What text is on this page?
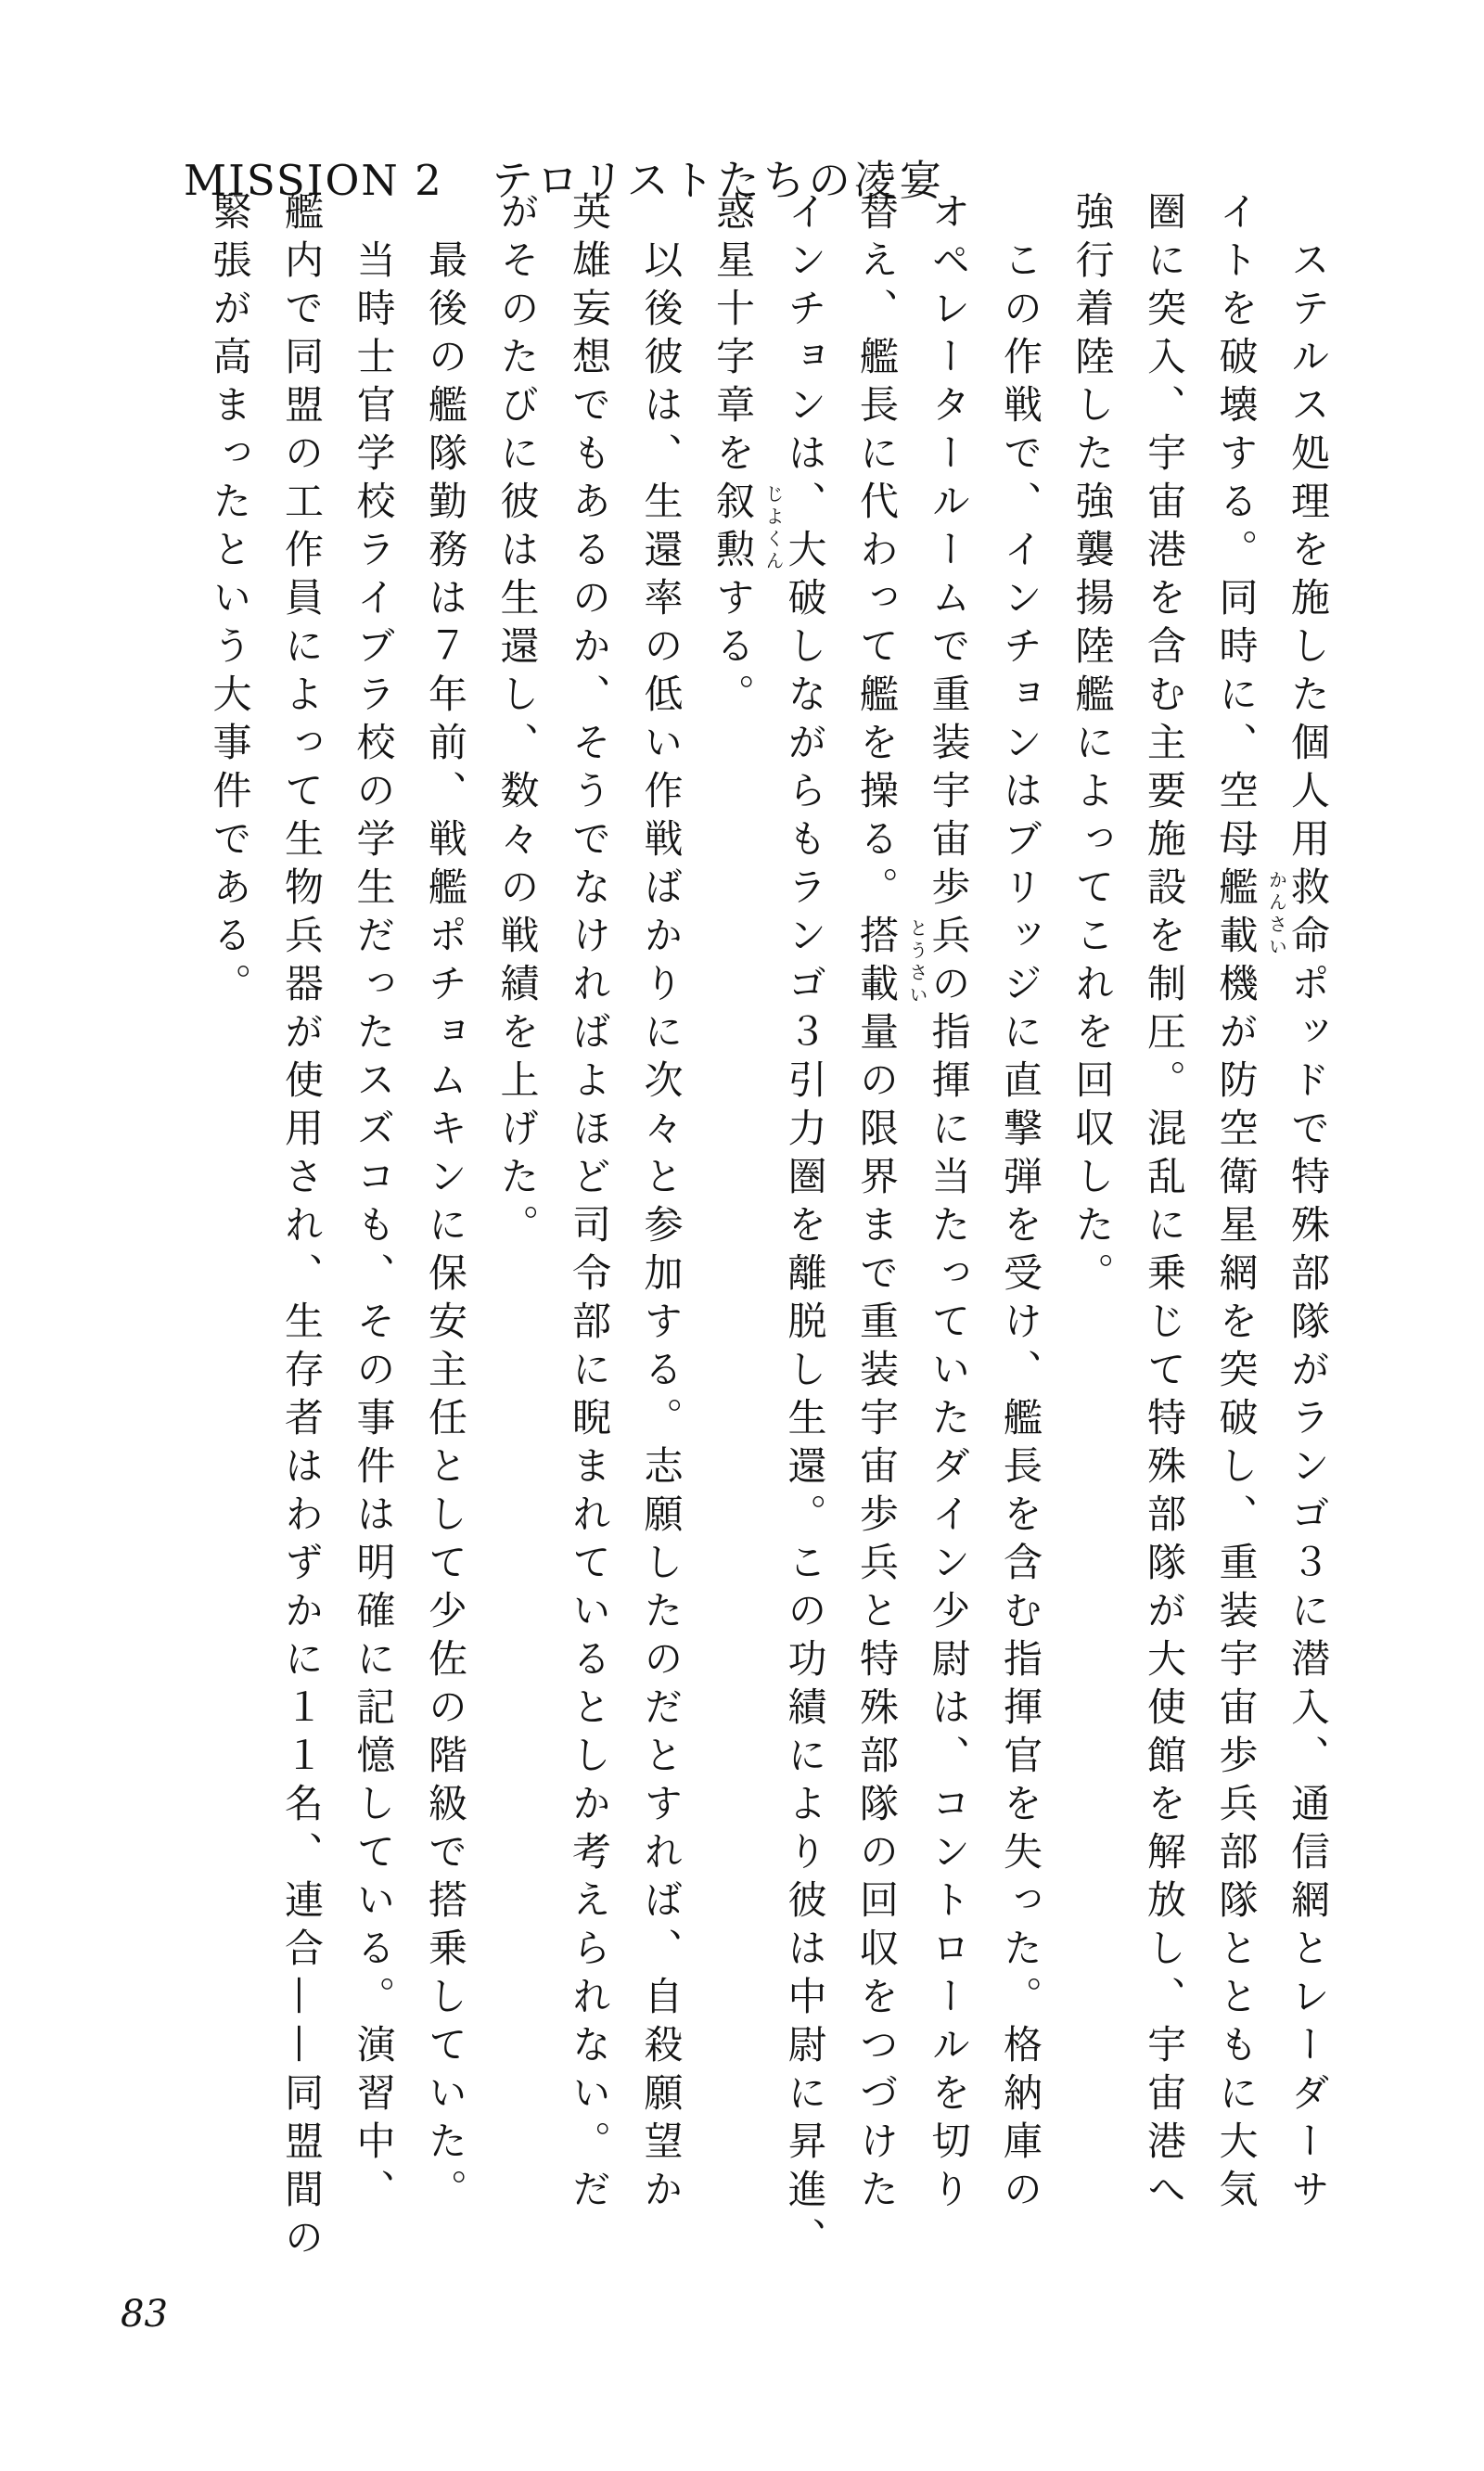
MISSION 2 テロリストたちの凌宴
ステルス処理を施した個人用救命ポッドで特殊部隊がランゴ３に潜入、通信網とレーダーサ
イトを破壊する。同時に、空母艦載 かんさい
機が防空衛星網を突破し、重装宇宙歩兵部隊とともに大気
圏に突入、宇宙港を含む主要施設を制圧。混乱に乗じて特殊部隊が大使館を解放し、宇宙港へ
強行着陸した強襲揚陸艦によってこれを回収した。
この作戦で、インチョンはブリッジに直撃弾を受け、艦長を含む指揮官を失った。格納庫の
オペレータールームで重装宇宙歩兵の指揮に当たっていたダイン少尉は、コントロールを切り
替え、艦長に代わって艦を操る。搭載 とうさい
量の限界まで重装宇宙歩兵と特殊部隊の回収をつづけた
インチョンは、大破しながらもランゴ３引力圏を離脱し生還。この功績により彼は中尉に昇進、
惑星十字章を叙勲 じよくん
する。
以後彼は、生還率の低い作戦ばかりに次々と参加する。志願したのだとすれば、自殺願望か
英雄妄想でもあるのか、そうでなければよほど司令部に睨まれているとしか考えられない。だ
がそのたびに彼は生還し、数々の戦績を上げた。
最後の艦隊勤務は７年前、戦艦ポチョムキンに保安主任として少佐の階級で搭乗していた。
当時士官学校ライブラ校の学生だったスズコも、その事件は明確に記憶している。演習中、
艦内で同盟の工作員によって生物兵器が使用され、生存者はわずかに１１名、連合——同盟間の
緊張が高まったという大事件である。
83
